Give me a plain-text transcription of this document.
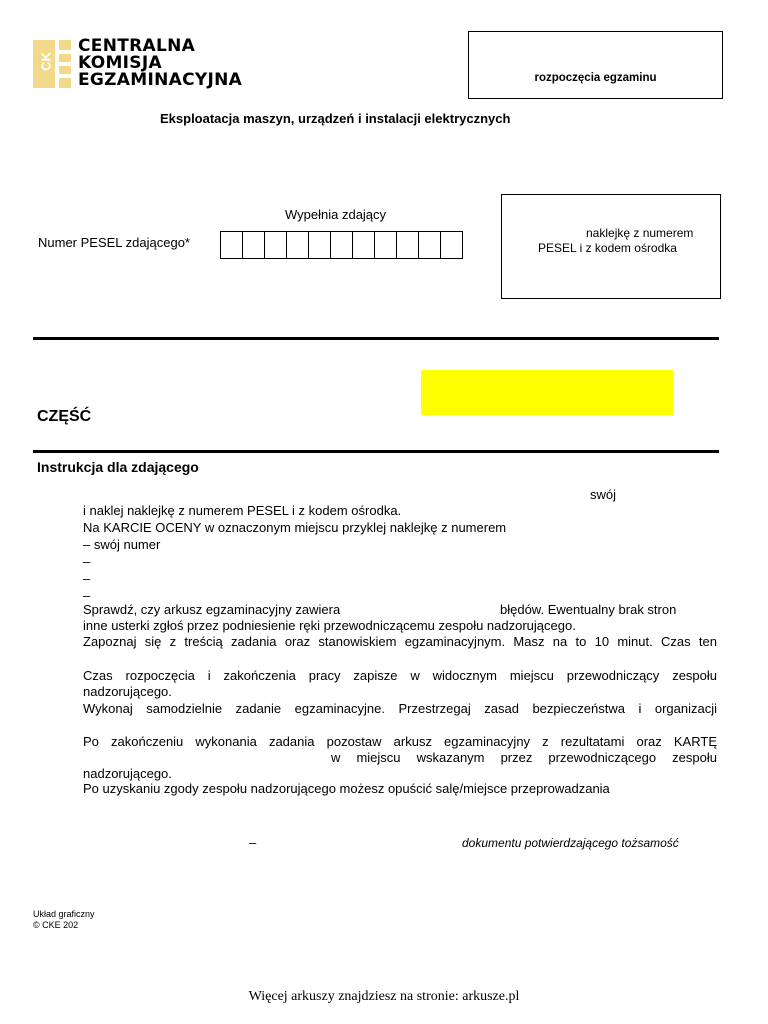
CK
CENTRALNA
KOMISJA
EGZAMINACYJNA	rozpoczęcia egzaminu
Eksploatacja maszyn, urządzeń i instalacji elektrycznych
Wypełnia zdający
Numer PESEL zdającego*
naklejkę z numerem
PESEL i z kodem ośrodka
CZĘŚĆ
Instrukcja dla zdającego
swój
i naklej naklejkę z numerem PESEL i z kodem ośrodka.
Na KARCIE OCENY w oznaczonym miejscu przyklej naklejkę z numerem
– swój numer
–
–
–
Sprawdź, czy arkusz egzaminacyjny zawiera	błędów. Ewentualny brak stron
inne usterki zgłoś przez podniesienie ręki przewodniczącemu zespołu nadzorującego.
Zapoznaj się z treścią zadania oraz stanowiskiem egzaminacyjnym. Masz na to 10 minut. Czas ten
Czas rozpoczęcia i zakończenia pracy zapisze w widocznym miejscu przewodniczący zespołu
nadzorującego.
Wykonaj samodzielnie zadanie egzaminacyjne. Przestrzegaj zasad bezpieczeństwa i organizacji
Po zakończeniu wykonania zadania pozostaw arkusz egzaminacyjny z rezultatami oraz KARTĘ
w miejscu wskazanym przez przewodniczącego zespołu
nadzorującego.
Po uzyskaniu zgody zespołu nadzorującego możesz opuścić salę/miejsce przeprowadzania
–	dokumentu potwierdzającego tożsamość
Układ graficzny
© CKE 202
Więcej arkuszy znajdziesz na stronie: arkusze.pl
